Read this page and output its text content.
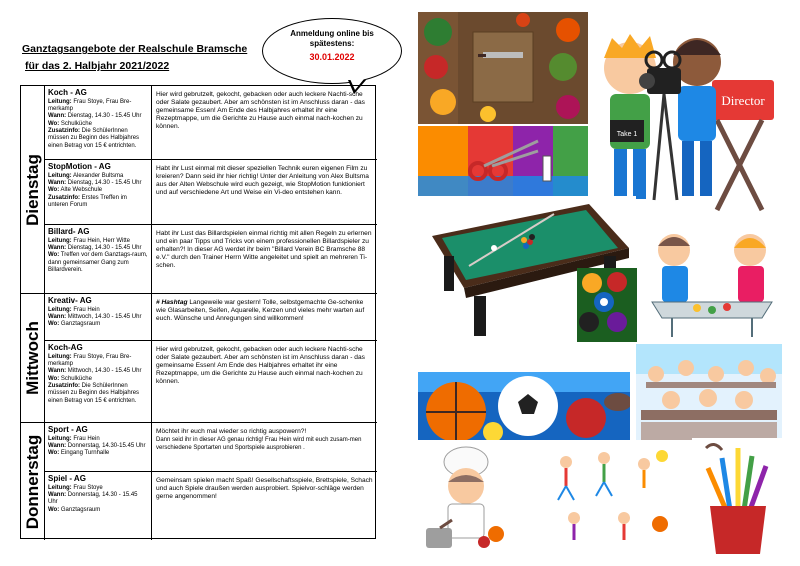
Ganztagsangebote der Realschule Bramsche
für das 2. Halbjahr 2021/2022
Anmeldung online bis
spätestens:
30.01.2022
Dienstag
Koch - AG
Leitung: Frau Stoye, Frau Bre-merkamp
Wann: Dienstag, 14.30 - 15.45 Uhr
Wo: Schulküche
Zusatzinfo: Die SchülerInnen müssen zu Beginn des Halbjahres einen Betrag von 15 € entrichten.
Hier wird gebrutzelt, gekocht, gebacken oder auch leckere Nachti-sche oder Salate gezaubert. Aber am schönsten ist im Anschluss daran - das gemeinsame Essen! Am Ende des Halbjahres erhaltet ihr eine Rezeptmappe, um die Gerichte zu Hause auch einmal nach-kochen zu können.
StopMotion - AG
Leitung: Alexander Bultsma
Wann: Dienstag, 14.30 - 15.45 Uhr
Wo: Alte Webschule
Zusatzinfo: Erstes Treffen im unteren Forum
Habt ihr Lust einmal mit dieser speziellen Technik euren eigenen Film zu kreieren? Dann seid ihr hier richtig! Unter der Anleitung von Alex Bultsma aus der Alten Webschule wird euch gezeigt, wie StopMotion funktioniert und auf verschiedene Art und Weise ein Vi-deo entstehen kann.
Billard- AG
Leitung: Frau Hein, Herr Witte
Wann: Dienstag, 14.30 - 15.45 Uhr
Wo: Treffen vor dem Ganztags-raum, dann gemeinsamer Gang zum Billardverein.
Habt ihr Lust das Billardspielen einmal richtig mit allen Regeln zu erlernen und ein paar Tipps und Tricks von einem professionellen Billardspieler zu erhalten?! In dieser AG werdet ihr beim "Billard Verein BC Bramsche 88 e.V." durch den Trainer Herrn Witte angeleitet und spielt an mehreren Ti-schen.
Mittwoch
Kreativ- AG
Leitung: Frau Hein
Wann: Mittwoch, 14.30 - 15.45 Uhr
Wo: Ganztagsraum
# Hashtag Langeweile war gestern! Tolle, selbstgemachte Ge-schenke wie Glasarbeiten, Seifen, Aquarelle, Kerzen und vieles mehr warten auf euch. Wünsche und Anregungen sind willkommen!
Koch-AG
Leitung: Frau Stoye, Frau Bre-merkamp
Wann: Mittwoch, 14.30 - 15.45 Uhr
Wo: Schulküche
Zusatzinfo: Die SchülerInnen müssen zu Beginn des Halbjahres einen Betrag von 15 € entrichten.
Hier wird gebrutzelt, gekocht, gebacken oder auch leckere Nachti-sche oder Salate gezaubert. Aber am schönsten ist im Anschluss daran - das gemeinsame Essen! Am Ende des Halbjahres erhaltet ihr eine Rezeptmappe, um die Gerichte zu Hause auch einmal nach-kochen zu können.
Donnerstag
Sport - AG
Leitung: Frau Hein
Wann: Donnerstag, 14.30-15.45 Uhr
Wo: Eingang Turnhalle
Möchtet ihr euch mal wieder so richtig auspowern?!
Dann seid ihr in dieser AG genau richtig! Frau Hein wird mit euch zusam-men verschiedene Sportarten und Sportspiele ausprobieren .
Spiel - AG
Leitung: Frau Stoye
Wann: Donnerstag, 14.30 - 15.45 Uhr
Wo: Ganztagsraum
Gemeinsam spielen macht Spaß! Gesellschaftsspiele, Brettspiele, Schach und auch Spiele draußen werden ausprobiert. Spielvor-schläge werden gerne angenommen!
Director
Take 1
